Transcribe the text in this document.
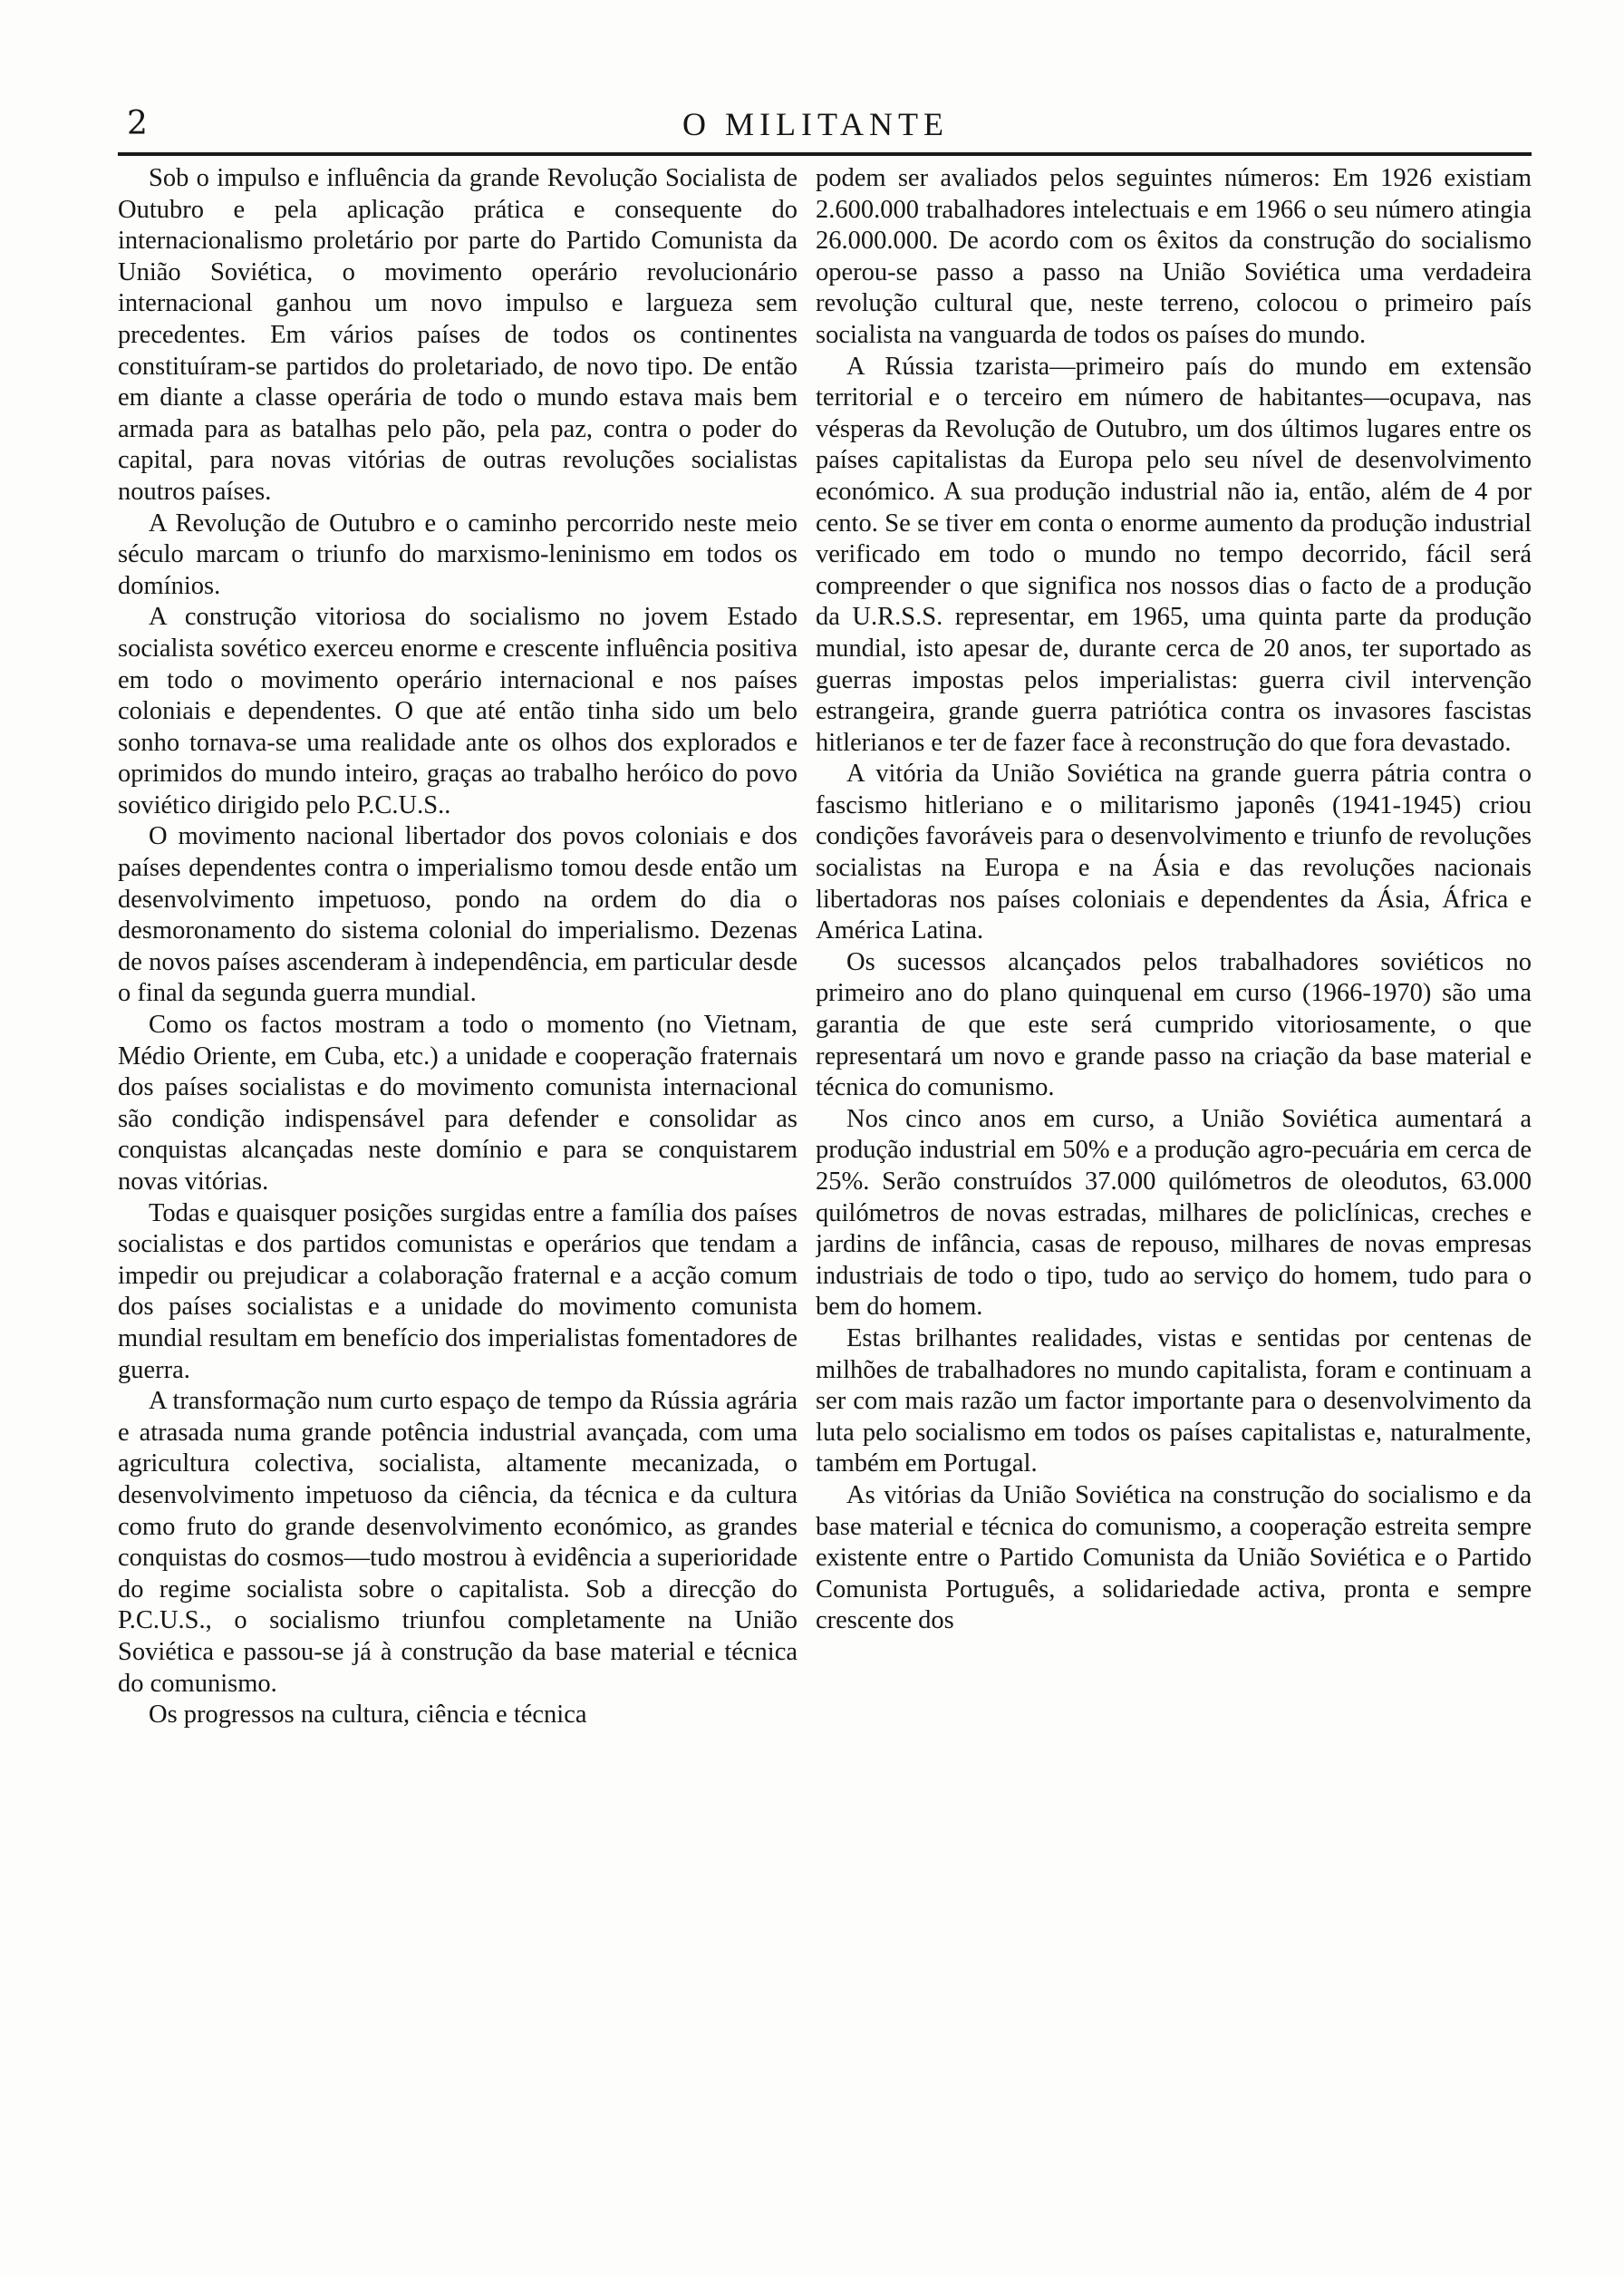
2	O MILITANTE

Sob o impulso e influência da grande Revolução Socialista de Outubro e pela aplicação prática e consequente do internacionalismo proletário por parte do Partido Comunista da União Soviética, o movimento operário revolucionário internacional ganhou um novo impulso e largueza sem precedentes. Em vários países de todos os continentes constituíram-se partidos do proletariado, de novo tipo. De então em diante a classe operária de todo o mundo estava mais bem armada para as batalhas pelo pão, pela paz, contra o poder do capital, para novas vitórias de outras revoluções socialistas noutros países.

A Revolução de Outubro e o caminho percorrido neste meio século marcam o triunfo do marxismo-leninismo em todos os domínios.

A construção vitoriosa do socialismo no jovem Estado socialista sovético exerceu enorme e crescente influência positiva em todo o movimento operário internacional e nos países coloniais e dependentes. O que até então tinha sido um belo sonho tornava-se uma realidade ante os olhos dos explorados e oprimidos do mundo inteiro, graças ao trabalho heróico do povo soviético dirigido pelo P.C.U.S..

O movimento nacional libertador dos povos coloniais e dos países dependentes contra o imperialismo tomou desde então um desenvolvimento impetuoso, pondo na ordem do dia o desmoronamento do sistema colonial do imperialismo. Dezenas de novos países ascenderam à independência, em particular desde o final da segunda guerra mundial.

Como os factos mostram a todo o momento (no Vietnam, Médio Oriente, em Cuba, etc.) a unidade e cooperação fraternais dos países socialistas e do movimento comunista internacional são condição indispensável para defender e consolidar as conquistas alcançadas neste domínio e para se conquistarem novas vitórias.

Todas e quaisquer posições surgidas entre a família dos países socialistas e dos partidos comunistas e operários que tendam a impedir ou prejudicar a colaboração fraternal e a acção comum dos países socialistas e a unidade do movimento comunista mundial resultam em benefício dos imperialistas fomentadores de guerra.

A transformação num curto espaço de tempo da Rússia agrária e atrasada numa grande potência industrial avançada, com uma agricultura colectiva, socialista, altamente mecanizada, o desenvolvimento impetuoso da ciência, da técnica e da cultura como fruto do grande desenvolvimento económico, as grandes conquistas do cosmos—tudo mostrou à evidência a superioridade do regime socialista sobre o capitalista. Sob a direcção do P.C.U.S., o socialismo triunfou completamente na União Soviética e passou-se já à construção da base material e técnica do comunismo.

Os progressos na cultura, ciência e técnica

podem ser avaliados pelos seguintes números: Em 1926 existiam 2.600.000 trabalhadores intelectuais e em 1966 o seu número atingia 26.000.000. De acordo com os êxitos da construção do socialismo operou-se passo a passo na União Soviética uma verdadeira revolução cultural que, neste terreno, colocou o primeiro país socialista na vanguarda de todos os países do mundo.

A Rússia tzarista—primeiro país do mundo em extensão territorial e o terceiro em número de habitantes—ocupava, nas vésperas da Revolução de Outubro, um dos últimos lugares entre os países capitalistas da Europa pelo seu nível de desenvolvimento económico. A sua produção industrial não ia, então, além de 4 por cento. Se se tiver em conta o enorme aumento da produção industrial verificado em todo o mundo no tempo decorrido, fácil será compreender o que significa nos nossos dias o facto de a produção da U.R.S.S. representar, em 1965, uma quinta parte da produção mundial, isto apesar de, durante cerca de 20 anos, ter suportado as guerras impostas pelos imperialistas: guerra civil intervenção estrangeira, grande guerra patriótica contra os invasores fascistas hitlerianos e ter de fazer face à reconstrução do que fora devastado.

A vitória da União Soviética na grande guerra pátria contra o fascismo hitleriano e o militarismo japonês (1941-1945) criou condições favoráveis para o desenvolvimento e triunfo de revoluções socialistas na Europa e na Ásia e das revoluções nacionais libertadoras nos países coloniais e dependentes da Ásia, África e América Latina.

Os sucessos alcançados pelos trabalhadores soviéticos no primeiro ano do plano quinquenal em curso (1966-1970) são uma garantia de que este será cumprido vitoriosamente, o que representará um novo e grande passo na criação da base material e técnica do comunismo.

Nos cinco anos em curso, a União Soviética aumentará a produção industrial em 50% e a produção agro-pecuária em cerca de 25%. Serão construídos 37.000 quilómetros de oleodutos, 63.000 quilómetros de novas estradas, milhares de policlínicas, creches e jardins de infância, casas de repouso, milhares de novas empresas industriais de todo o tipo, tudo ao serviço do homem, tudo para o bem do homem.

Estas brilhantes realidades, vistas e sentidas por centenas de milhões de trabalhadores no mundo capitalista, foram e continuam a ser com mais razão um factor importante para o desenvolvimento da luta pelo socialismo em todos os países capitalistas e, naturalmente, também em Portugal.

As vitórias da União Soviética na construção do socialismo e da base material e técnica do comunismo, a cooperação estreita sempre existente entre o Partido Comunista da União Soviética e o Partido Comunista Português, a solidariedade activa, pronta e sempre crescente dos
